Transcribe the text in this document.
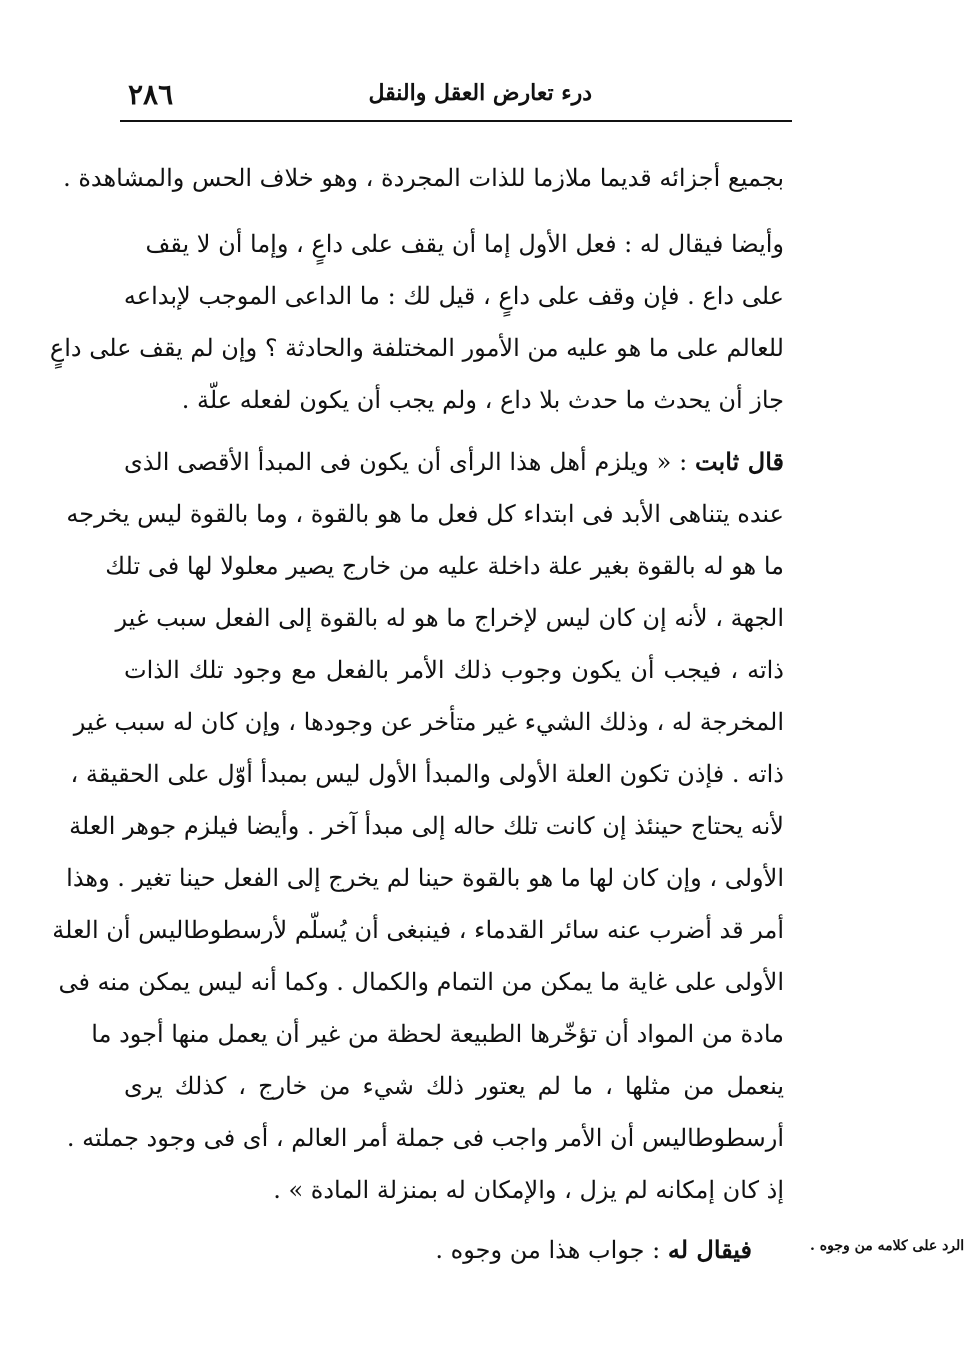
٢٨٦	درء تعارض العقل والنقل
بجميع أجزائه قديما ملازما للذات المجردة ، وهو خلاف الحس والمشاهدة .
وأيضا فيقال له : فعل الأول إما أن يقف على داعٍ ، وإما أن لا يقف
على داع . فإن وقف على داعٍ ، قيل لك : ما الداعى الموجب لإبداعه
للعالم على ما هو عليه من الأمور المختلفة والحادثة ؟ وإن لم يقف على داعٍ
جاز أن يحدث ما حدث بلا داع ، ولم يجب أن يكون لفعله علّة .
قال ثابت : « ويلزم أهل هذا الرأى أن يكون فى المبدأ الأقصى الذى
عنده يتناهى الأبد فى ابتداء كل فعل ما هو بالقوة ، وما بالقوة ليس يخرجه
ما هو له بالقوة بغير علة داخلة عليه من خارج يصير معلولا لها فى تلك
الجهة ، لأنه إن كان ليس لإخراج ما هو له بالقوة إلى الفعل سبب غير
ذاته ، فيجب أن يكون وجوب ذلك الأمر بالفعل مع وجود تلك الذات
المخرجة له ، وذلك الشيء غير متأخر عن وجودها ، وإن كان له سبب غير
ذاته . فإذن تكون العلة الأولى والمبدأ الأول ليس بمبدأ أوّل على الحقيقة ،
لأنه يحتاج حينئذ إن كانت تلك حاله إلى مبدأ آخر . وأيضا فيلزم جوهر العلة
الأولى ، وإن كان لها ما هو بالقوة حينا لم يخرج إلى الفعل حينا تغير . وهذا
أمر قد أضرب عنه سائر القدماء ، فينبغى أن يُسلّم لأرسطوطاليس أن العلة
الأولى على غاية ما يمكن من التمام والكمال . وكما أنه ليس يمكن منه فى
مادة من المواد أن تؤخّرها الطبيعة لحظة من غير أن يعمل منها أجود ما
ينعمل من مثلها ، ما لم يعتور ذلك شيء من خارج ، كذلك يرى
أرسطوطاليس أن الأمر واجب فى جملة أمر العالم ، أى فى وجود جملته .
إذ كان إمكانه لم يزل ، والإمكان له بمنزلة المادة » .
فيقال له : جواب هذا من وجوه .	الرد على كلامه من وجوه .
